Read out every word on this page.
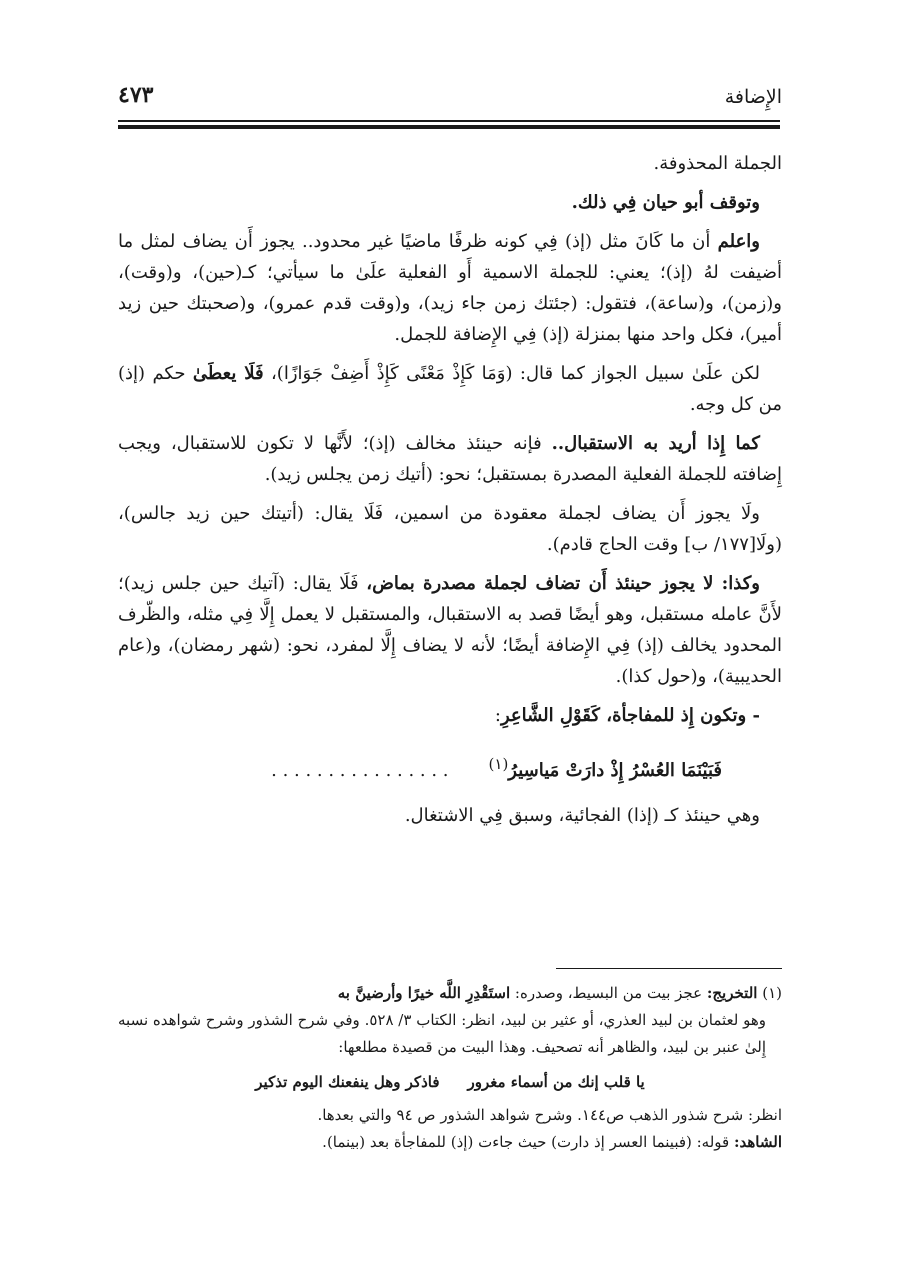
الإِضافة
٤٧٣

الجملة المحذوفة.

وتوقف أبو حيان فِي ذلك.

واعلم أن ما كَانَ مثل (إذ) فِي كونه ظرفًا ماضيًا غير محدود.. يجوز أَن يضاف لمثل ما أضيفت لهُ (إذ)؛ يعني: للجملة الاسمية أَو الفعلية علَىٰ ما سيأتي؛ كـ(حين)، و(وقت)، و(زمن)، و(ساعة)، فتقول: (جئتك زمن جاء زيد)، و(وقت قدم عمرو)، و(صحبتك حين زيد أمير)، فكل واحد منها بمنزلة (إذ) فِي الإِضافة للجمل.

لكن علَىٰ سبيل الجواز كما قال: (وَمَا كَإِذْ مَعْنًى كَإِذْ أَضِفْ جَوَازًا)، فَلَا يعطَىٰ حكم (إذ) من كل وجه.

كما إِذا أريد به الاستقبال.. فإنه حينئذ مخالف (إذ)؛ لأَنَّها لا تكون للاستقبال، ويجب إِضافته للجملة الفعلية المصدرة بمستقبل؛ نحو: (أتيك زمن يجلس زيد).

ولَا يجوز أَن يضاف لجملة معقودة من اسمين، فَلَا يقال: (أتيتك حين زيد جالس)، (ولَا[١٧٧/ ب] وقت الحاج قادم).

وكذا: لا يجوز حينئذ أَن تضاف لجملة مصدرة بماض، فَلَا يقال: (آتيك حين جلس زيد)؛ لأَنَّ عامله مستقبل، وهو أيضًا قصد به الاستقبال، والمستقبل لا يعمل إِلَّا فِي مثله، والظّرف المحدود يخالف (إذ) فِي الإِضافة أيضًا؛ لأنه لا يضاف إِلَّا لمفرد، نحو: (شهر رمضان)، و(عام الحديبية)، و(حول كذا).

- وتكون إِذ للمفاجأة، كَقَوْلِ الشَّاعِرِ:

فَبَيْنَمَا العُسْرُ إِذْ دارَتْ مَياسِيرُ$^{(١)}$. . . . . . . . . . . . . . . .

وهي حينئذ كـ (إذا) الفجائية، وسبق فِي الاشتغال.

(١) التخريج: عجز بيت من البسيط، وصدره: استَقْدِرِ اللَّه خيرًا وأرضينَّ به

وهو لعثمان بن لبيد العذري، أو عثير بن لبيد، انظر: الكتاب ٣/ ٥٢٨. وفي شرح الشذور وشرح شواهده نسبه إِلىٰ عنبر بن لبيد، والظاهر أنه تصحيف. وهذا البيت من قصيدة مطلعها:

يا قلب إنك من أسماء مغرورفاذكر وهل ينفعنك اليوم تذكير

انظر: شرح شذور الذهب ص١٤٤. وشرح شواهد الشذور ص ٩٤ والتي بعدها.

الشاهد: قوله: (فبينما العسر إذ دارت) حيث جاءت (إذ) للمفاجأة بعد (بينما).
